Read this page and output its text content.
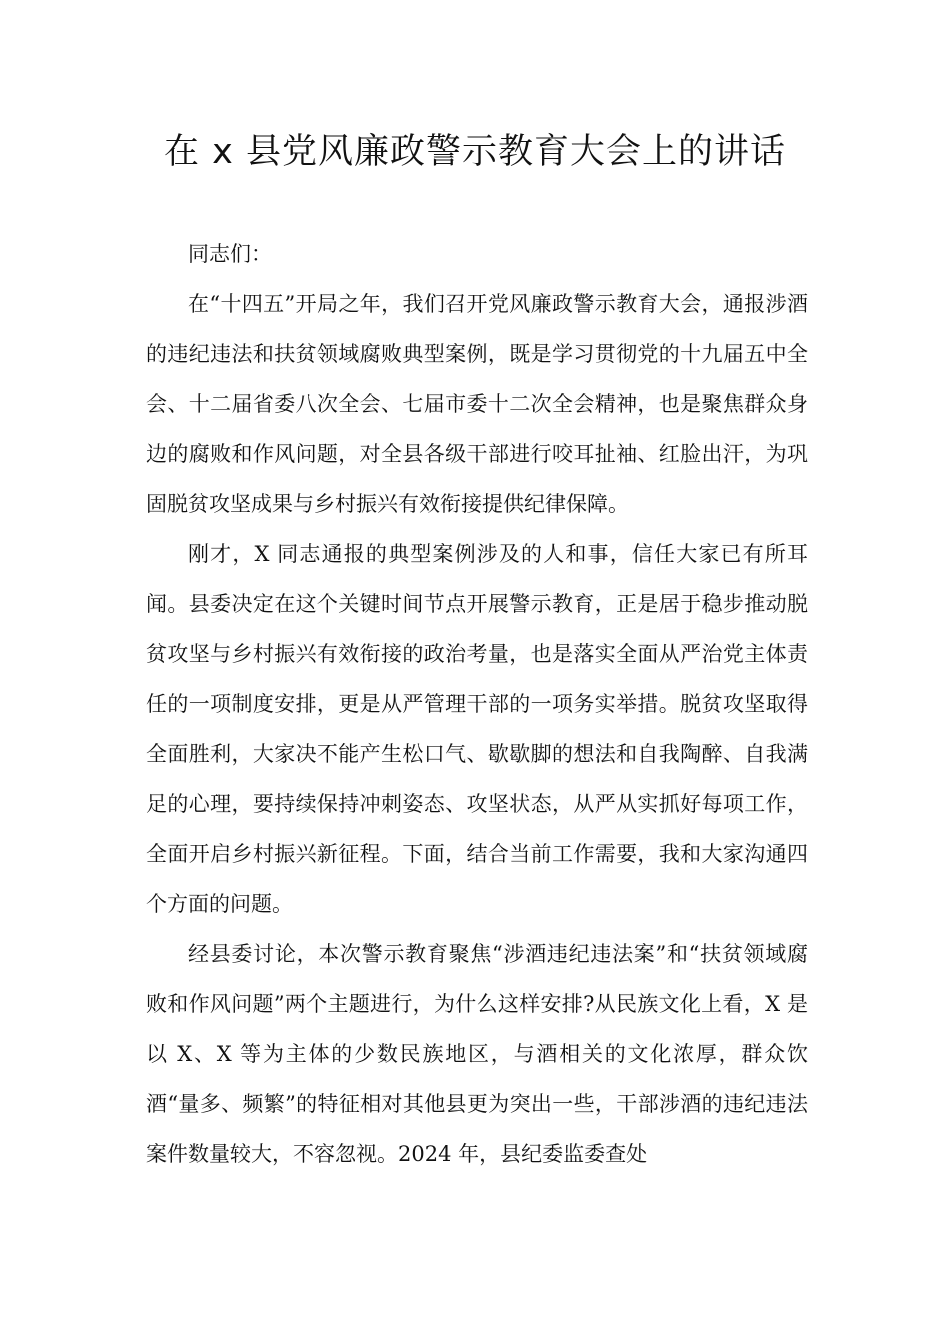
在 x 县党风廉政警示教育大会上的讲话

同志们：

在“十四五”开局之年，我们召开党风廉政警示教育大会，通报涉酒的违纪违法和扶贫领域腐败典型案例，既是学习贯彻党的十九届五中全会、十二届省委八次全会、七届市委十二次全会精神，也是聚焦群众身边的腐败和作风问题，对全县各级干部进行咬耳扯袖、红脸出汗，为巩固脱贫攻坚成果与乡村振兴有效衔接提供纪律保障。

刚才，X 同志通报的典型案例涉及的人和事，信任大家已有所耳闻。县委决定在这个关键时间节点开展警示教育，正是居于稳步推动脱贫攻坚与乡村振兴有效衔接的政治考量，也是落实全面从严治党主体责任的一项制度安排，更是从严管理干部的一项务实举措。脱贫攻坚取得全面胜利，大家决不能产生松口气、歇歇脚的想法和自我陶醉、自我满足的心理，要持续保持冲刺姿态、攻坚状态，从严从实抓好每项工作，全面开启乡村振兴新征程。下面，结合当前工作需要，我和大家沟通四个方面的问题。

经县委讨论，本次警示教育聚焦“涉酒违纪违法案”和“扶贫领域腐败和作风问题”两个主题进行，为什么这样安排?从民族文化上看，X 是以 X、X 等为主体的少数民族地区，与酒相关的文化浓厚，群众饮酒“量多、频繁”的特征相对其他县更为突出一些，干部涉酒的违纪违法案件数量较大，不容忽视。2024 年，县纪委监委查处
